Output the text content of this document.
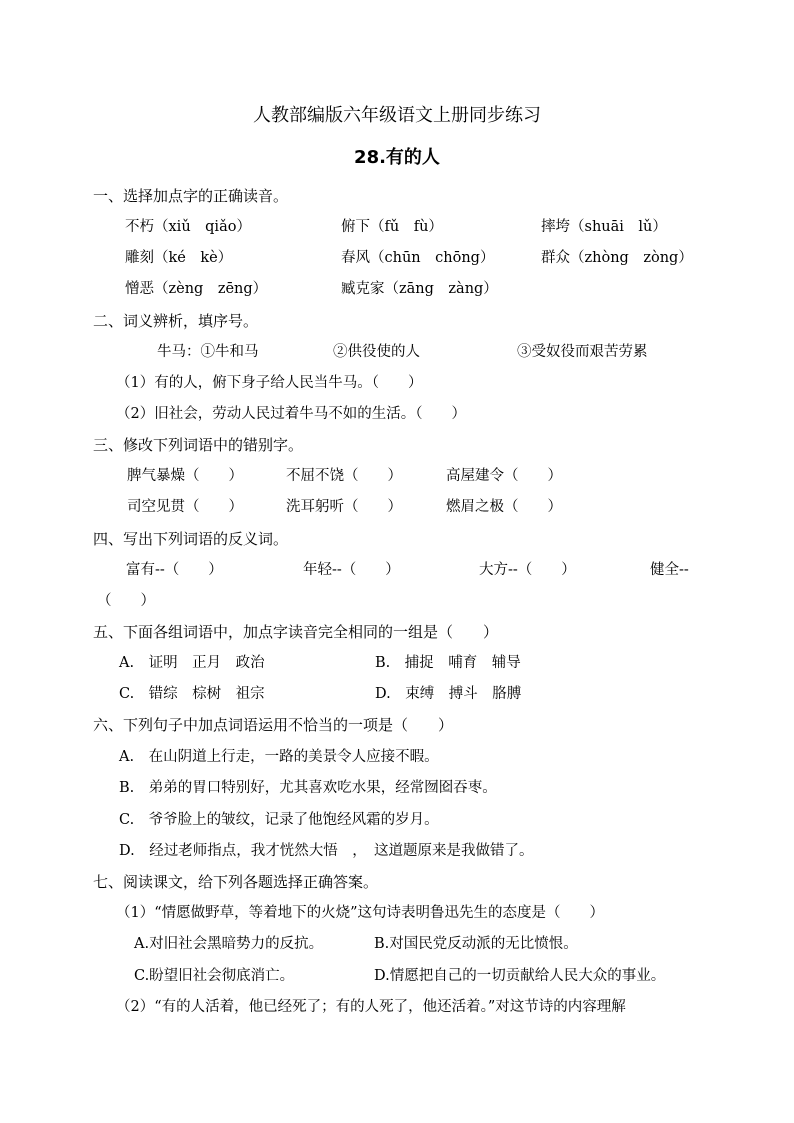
人教部编版六年级语文上册同步练习
28.有的人
一、选择加点字的正确读音。
不朽（xiǔ　qiǎo）	俯下（fǔ　fù）	摔垮（shuāi　lǔ）
雕刻（ké　kè）	春风（chūn　chōng）	群众（zhòng　zòng）
憎恶（zèng　zēng）	臧克家（zāng　zàng）
二、词义辨析，填序号。
牛马：①牛和马	②供役使的人	③受奴役而艰苦劳累
（1）有的人，俯下身子给人民当牛马。（　　）
（2）旧社会，劳动人民过着牛马不如的生活。（　　）
三、修改下列词语中的错别字。
脾气暴燥（　　）	不屈不饶（　　）	高屋建令（　　）
司空见贯（　　）	洗耳躬听（　　）	燃眉之极（　　）
四、写出下列词语的反义词。
富有--（　　）	年轻--（　　）	大方--（　　）	健全--
（　　）
五、下面各组词语中，加点字读音完全相同的一组是（　　）
A.　证明　正月　政治	B.　捕捉　哺育　辅导
C.　错综　棕树　祖宗	D.　束缚　搏斗　胳膊
六、下列句子中加点词语运用不恰当的一项是（　　）
A.　在山阴道上行走，一路的美景令人应接不暇。
B.　弟弟的胃口特别好，尤其喜欢吃水果，经常囫囵吞枣。
C.　爷爷脸上的皱纹，记录了他饱经风霜的岁月。
D.　经过老师指点，我才恍然大悟　，　这道题原来是我做错了。
七、阅读课文，给下列各题选择正确答案。
（1）“情愿做野草，等着地下的火烧”这句诗表明鲁迅先生的态度是（　　）
A.对旧社会黑暗势力的反抗。	B.对国民党反动派的无比愤恨。
C.盼望旧社会彻底消亡。	D.情愿把自己的一切贡献给人民大众的事业。
（2）“有的人活着，他已经死了；有的人死了，他还活着。”对这节诗的内容理解
